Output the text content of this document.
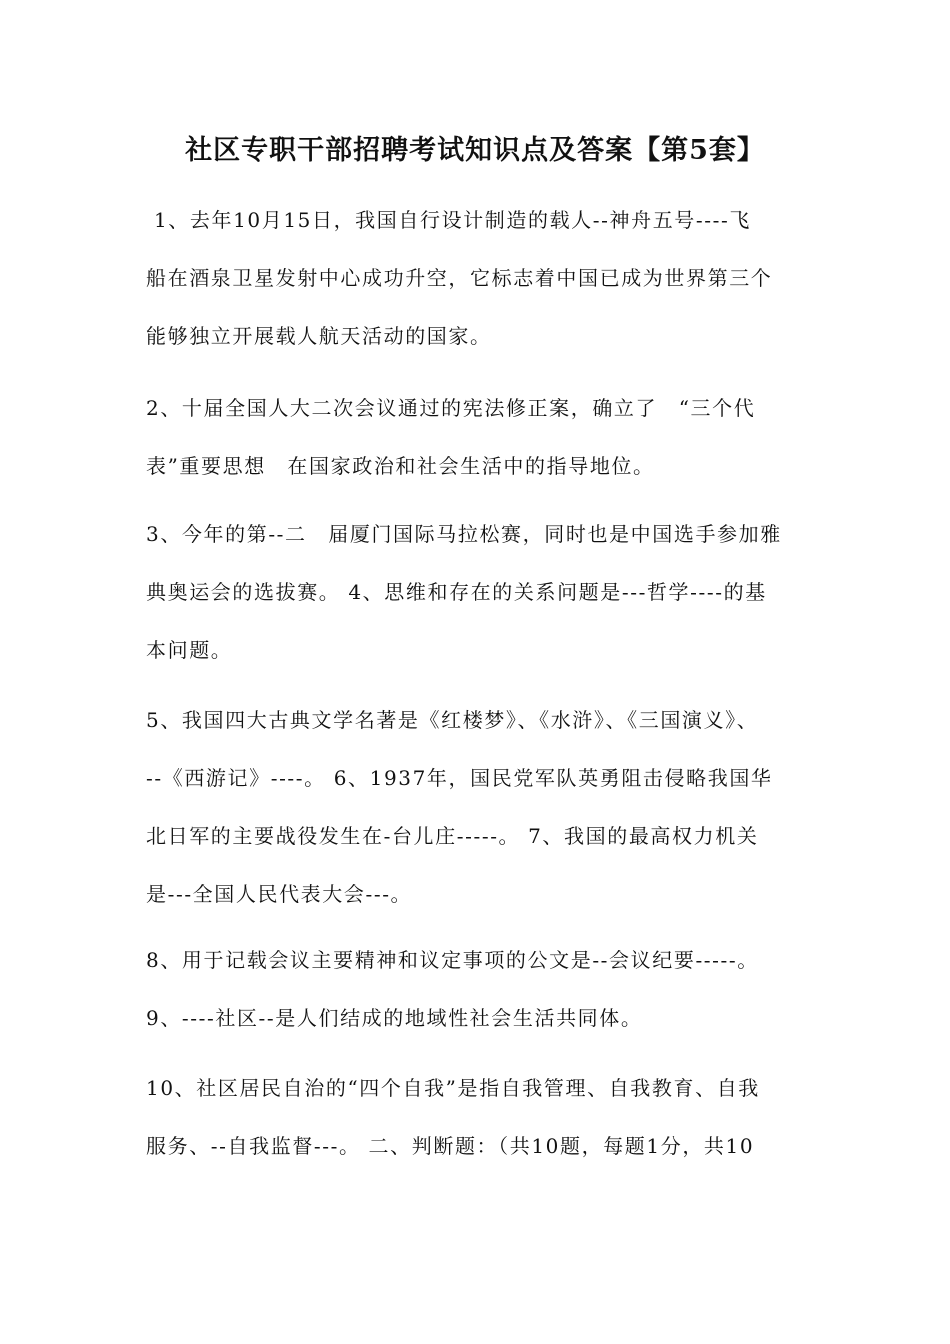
社区专职干部招聘考试知识点及答案【第5套】
1、去年10月15日，我国自行设计制造的载人--神舟五号----飞
船在酒泉卫星发射中心成功升空，它标志着中国已成为世界第三个
能够独立开展载人航天活动的国家。
2、十届全国人大二次会议通过的宪法修正案，确立了　“三个代
表”重要思想　在国家政治和社会生活中的指导地位。
3、今年的第--二　届厦门国际马拉松赛，同时也是中国选手参加雅
典奥运会的选拔赛。 4、思维和存在的关系问题是---哲学----的基
本问题。
5、我国四大古典文学名著是《红楼梦》、《水浒》、《三国演义》、
--《西游记》----。 6、1937年，国民党军队英勇阻击侵略我国华
北日军的主要战役发生在-台儿庄-----。 7、我国的最高权力机关
是---全国人民代表大会---。
8、用于记载会议主要精神和议定事项的公文是--会议纪要-----。
9、----社区--是人们结成的地域性社会生活共同体。
10、社区居民自治的“四个自我”是指自我管理、自我教育、自我
服务、--自我监督---。 二、判断题：（共10题，每题1分，共10
